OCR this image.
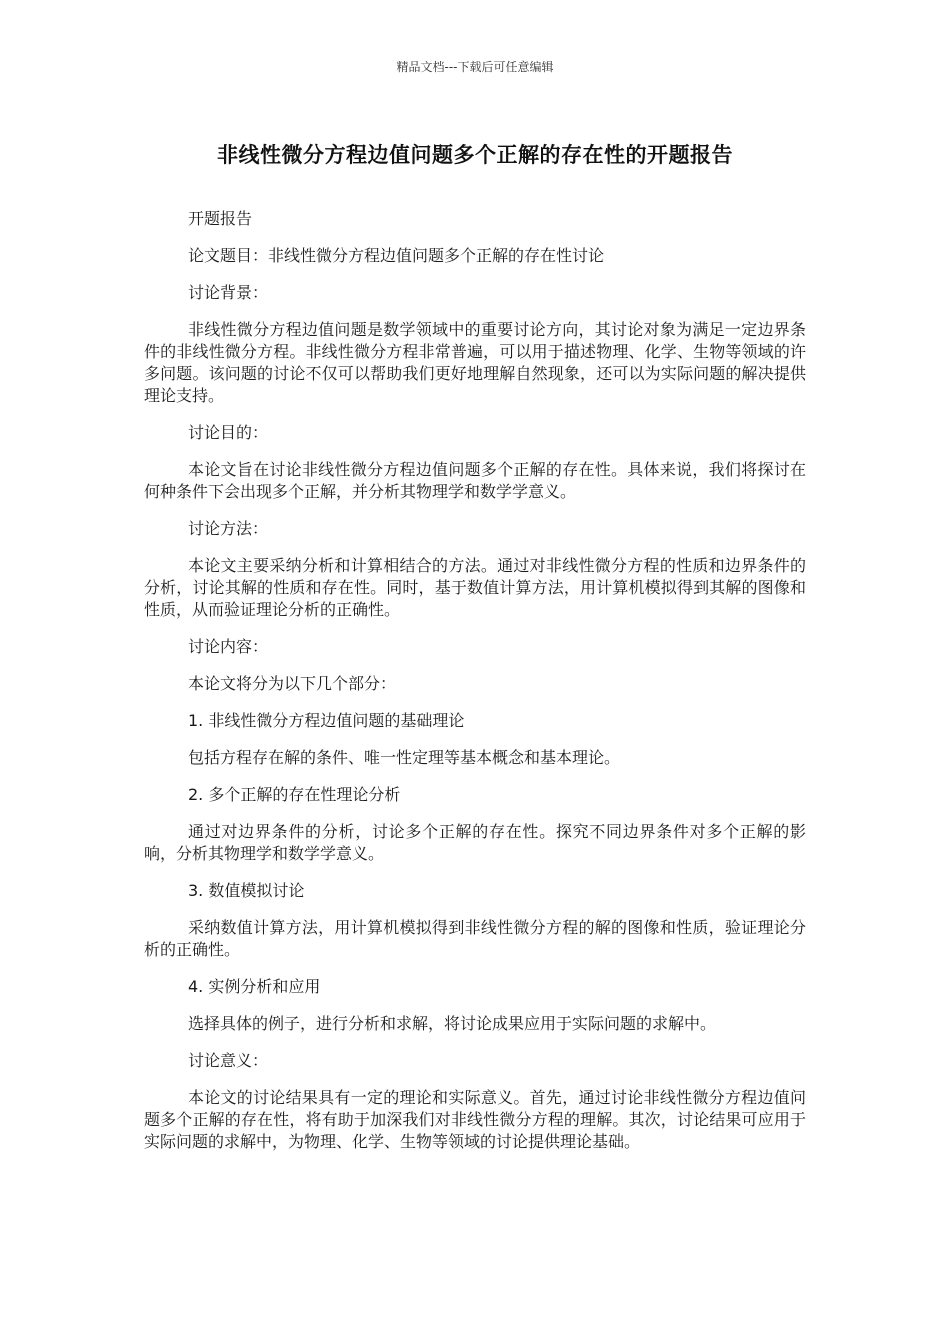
精品文档---下载后可任意编辑
非线性微分方程边值问题多个正解的存在性的开题报告

开题报告

论文题目：非线性微分方程边值问题多个正解的存在性讨论

讨论背景：

非线性微分方程边值问题是数学领域中的重要讨论方向，其讨论对象为满足一定边界条件的非线性微分方程。非线性微分方程非常普遍，可以用于描述物理、化学、生物等领域的许多问题。该问题的讨论不仅可以帮助我们更好地理解自然现象，还可以为实际问题的解决提供理论支持。

讨论目的：

本论文旨在讨论非线性微分方程边值问题多个正解的存在性。具体来说，我们将探讨在何种条件下会出现多个正解，并分析其物理学和数学学意义。

讨论方法：

本论文主要采纳分析和计算相结合的方法。通过对非线性微分方程的性质和边界条件的分析，讨论其解的性质和存在性。同时，基于数值计算方法，用计算机模拟得到其解的图像和性质，从而验证理论分析的正确性。

讨论内容：

本论文将分为以下几个部分：

1. 非线性微分方程边值问题的基础理论

包括方程存在解的条件、唯一性定理等基本概念和基本理论。

2. 多个正解的存在性理论分析

通过对边界条件的分析，讨论多个正解的存在性。探究不同边界条件对多个正解的影响，分析其物理学和数学学意义。

3. 数值模拟讨论

采纳数值计算方法，用计算机模拟得到非线性微分方程的解的图像和性质，验证理论分析的正确性。

4. 实例分析和应用

选择具体的例子，进行分析和求解，将讨论成果应用于实际问题的求解中。

讨论意义：

本论文的讨论结果具有一定的理论和实际意义。首先，通过讨论非线性微分方程边值问题多个正解的存在性，将有助于加深我们对非线性微分方程的理解。其次，讨论结果可应用于实际问题的求解中，为物理、化学、生物等领域的讨论提供理论基础。
